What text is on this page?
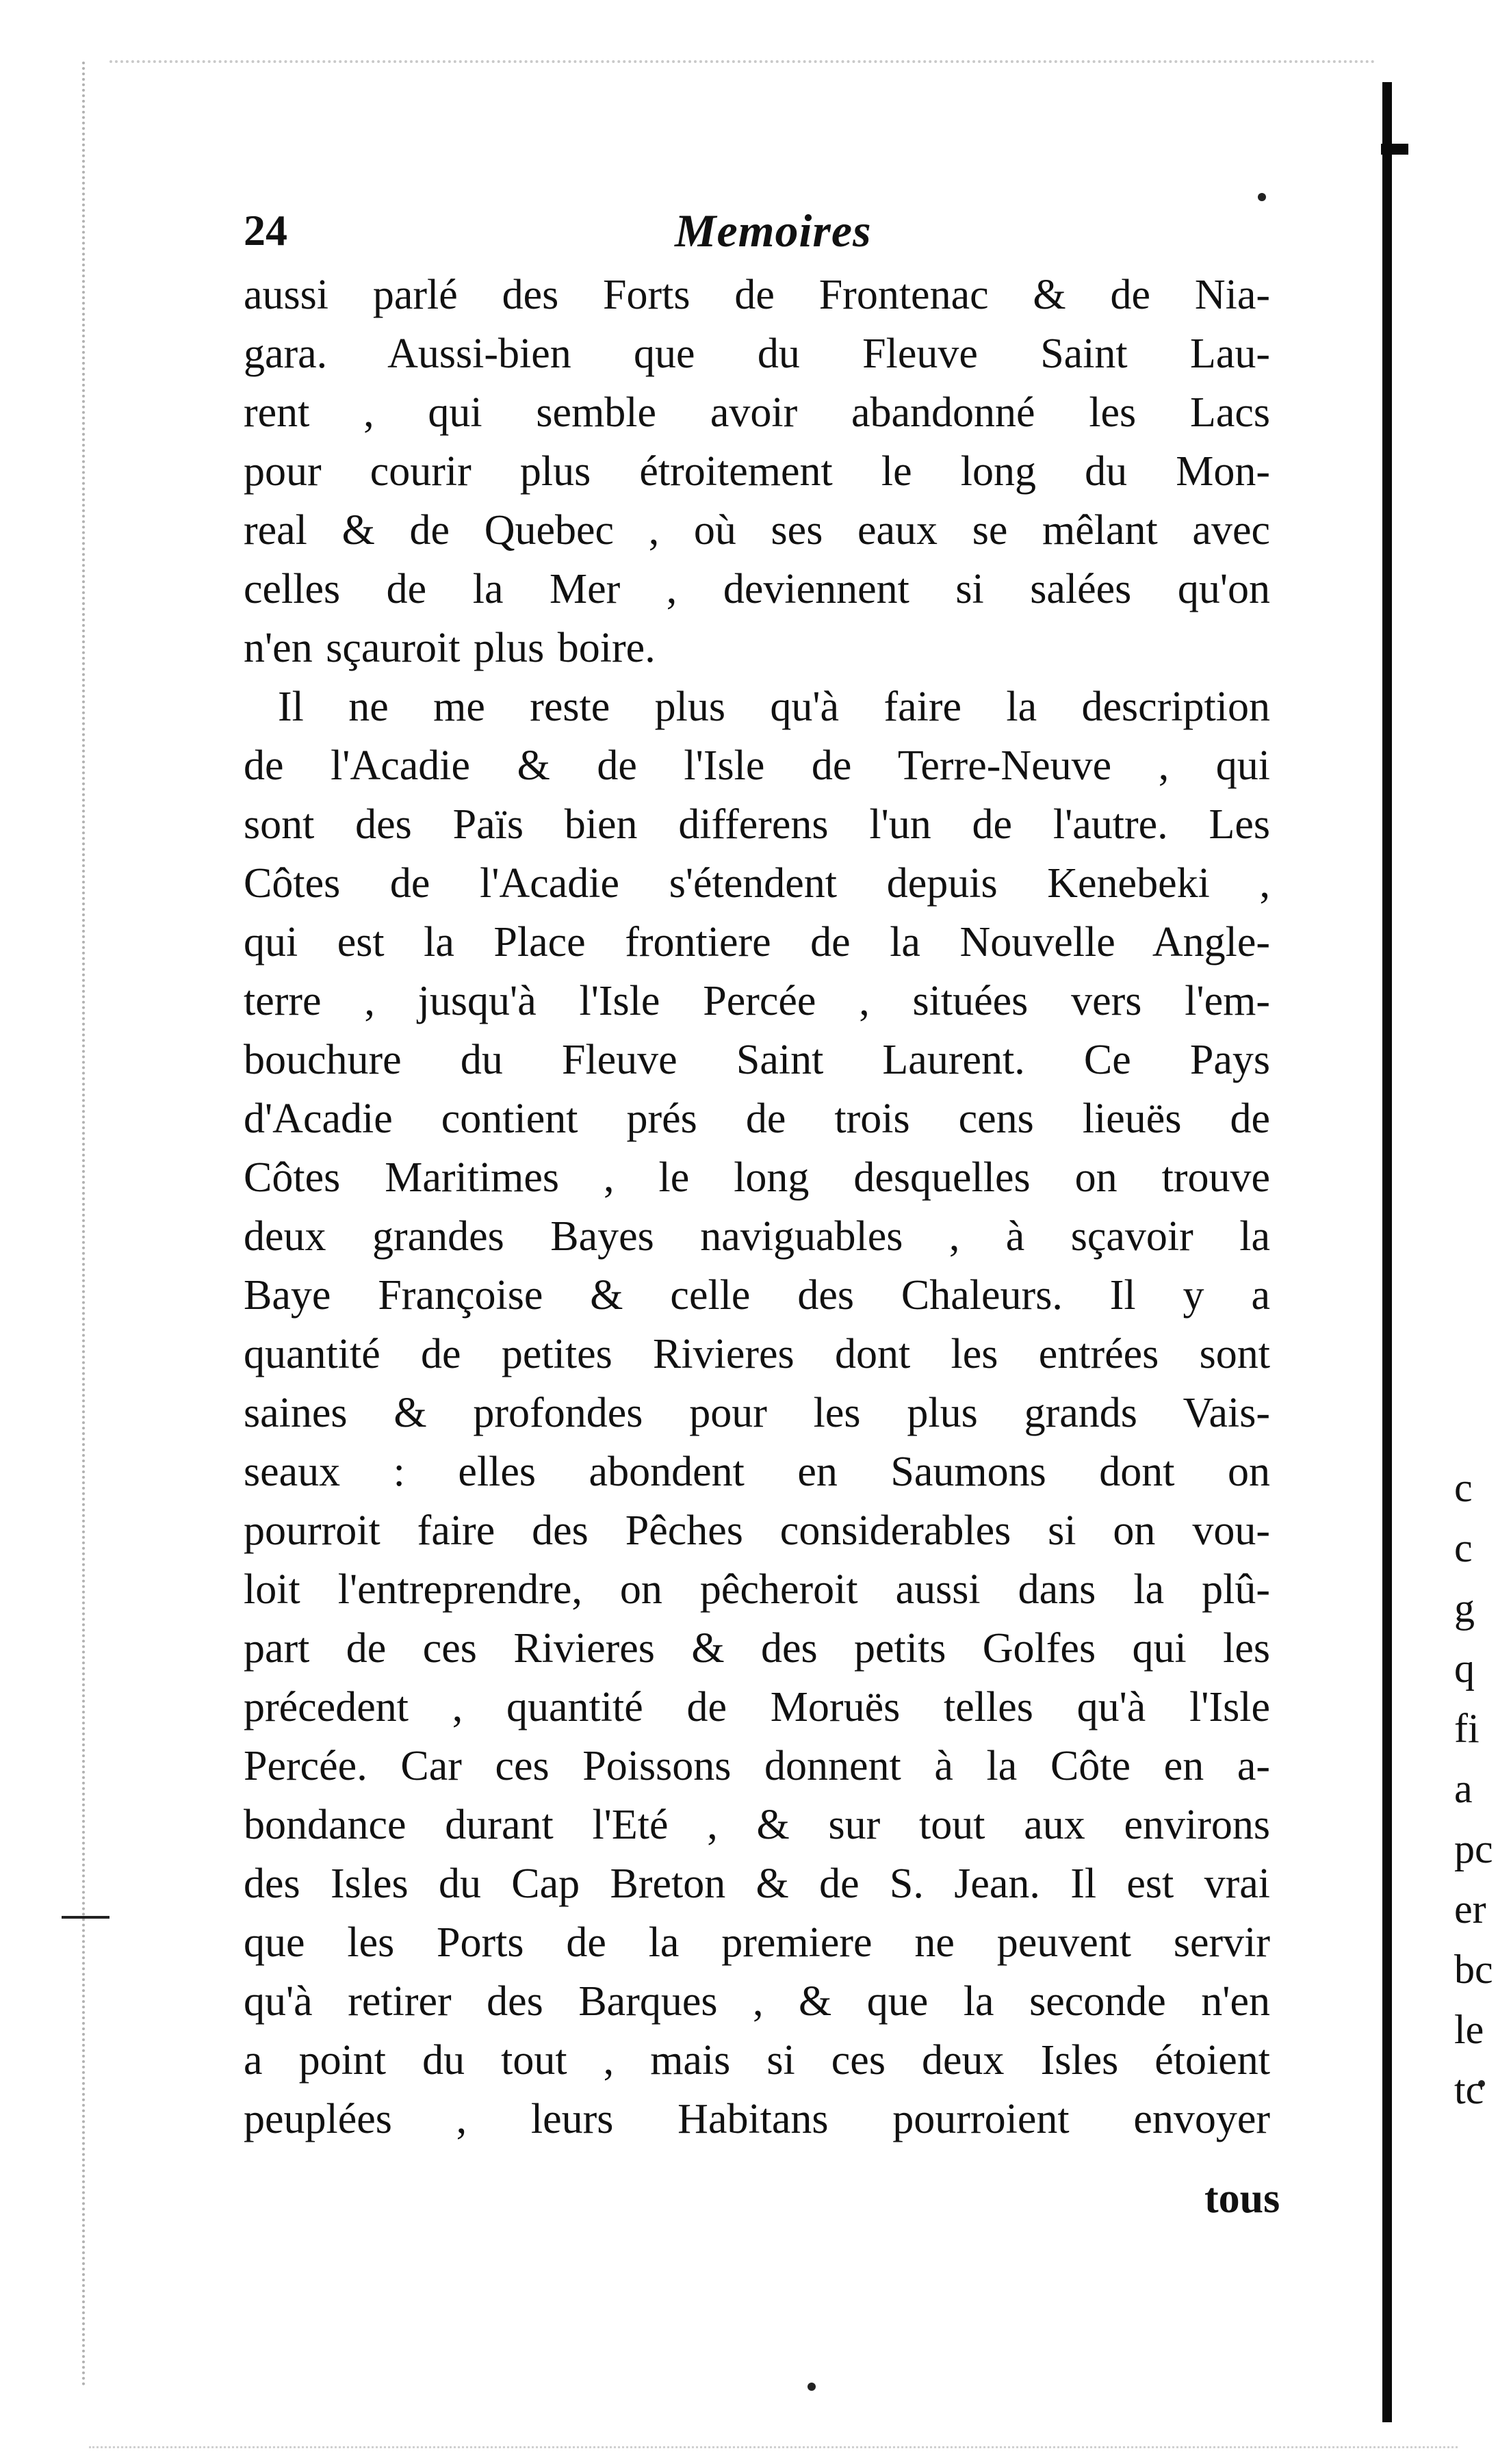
24	Memoires
aussi parlé des Forts de Frontenac & de Nia-
gara. Aussi-bien que du Fleuve Saint Lau-
rent , qui semble avoir abandonné les Lacs
pour courir plus étroitement le long du Mon-
real & de Quebec , où ses eaux se mêlant avec
celles de la Mer , deviennent si salées qu'on
n'en sçauroit plus boire.
Il ne me reste plus qu'à faire la description
de l'Acadie & de l'Isle de Terre-Neuve , qui
sont des Païs bien differens l'un de l'autre. Les
Côtes de l'Acadie s'étendent depuis Kenebeki ,
qui est la Place frontiere de la Nouvelle Angle-
terre , jusqu'à l'Isle Percée , situées vers l'em-
bouchure du Fleuve Saint Laurent. Ce Pays
d'Acadie contient prés de trois cens lieuës de
Côtes Maritimes , le long desquelles on trouve
deux grandes Bayes naviguables , à sçavoir la
Baye Françoise & celle des Chaleurs. Il y a
quantité de petites Rivieres dont les entrées sont
saines & profondes pour les plus grands Vais-
seaux : elles abondent en Saumons dont on
pourroit faire des Pêches considerables si on vou-
loit l'entreprendre, on pêcheroit aussi dans la plû-
part de ces Rivieres & des petits Golfes qui les
précedent , quantité de Moruës telles qu'à l'Isle
Percée. Car ces Poissons donnent à la Côte en a-
bondance durant l'Eté , & sur tout aux environs
des Isles du Cap Breton & de S. Jean. Il est vrai
que les Ports de la premiere ne peuvent servir
qu'à retirer des Barques , & que la seconde n'en
a point du tout , mais si ces deux Isles étoient
peuplées , leurs Habitans pourroient envoyer
tous
c
c
g
q
fi
a
pc
er
bc
le
tc
